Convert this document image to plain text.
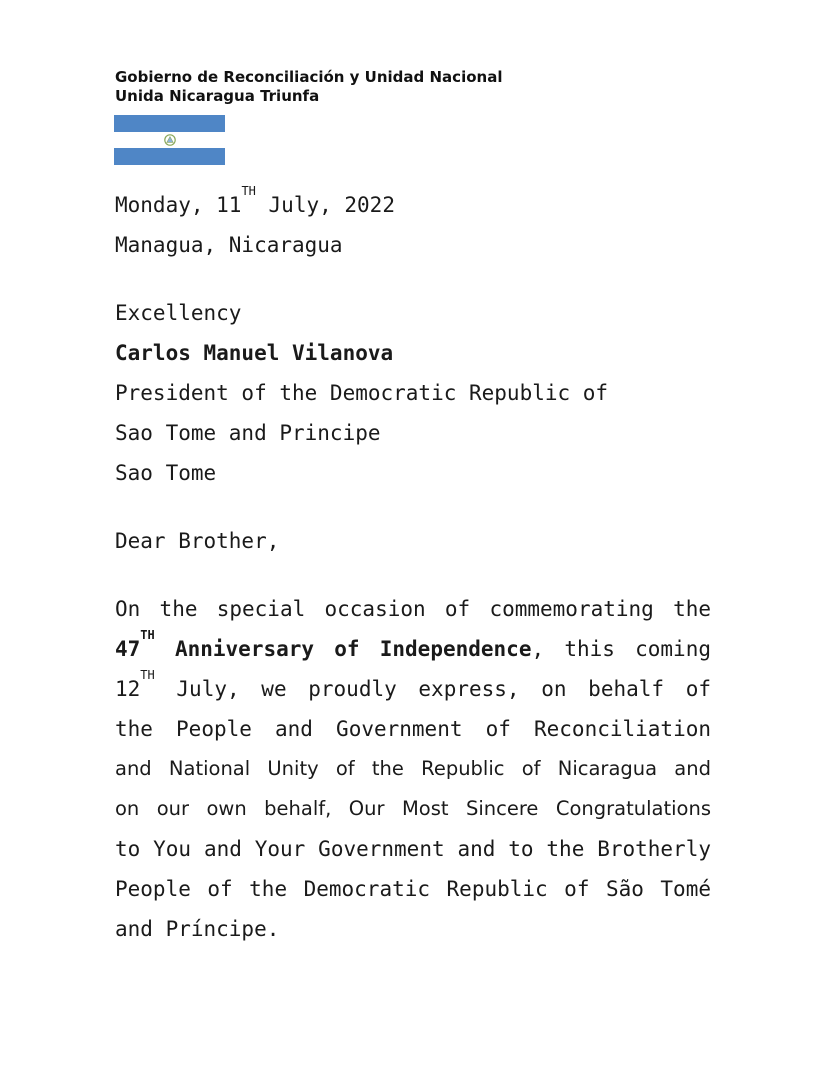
Gobierno de Reconciliación y Unidad Nacional
Unida Nicaragua Triunfa
Monday, 11TH July, 2022
Managua, Nicaragua
Excellency
Carlos Manuel Vilanova
President of the Democratic Republic of
Sao Tome and Principe
Sao Tome
Dear Brother,
On the special occasion of commemorating the
47TH Anniversary of Independence, this coming
12TH July, we proudly express, on behalf of
the People and Government of Reconciliation
and National Unity of the Republic of Nicaragua and
on our own behalf, Our Most Sincere Congratulations
to You and Your Government and to the Brotherly
People of the Democratic Republic of São Tomé
and Príncipe.
